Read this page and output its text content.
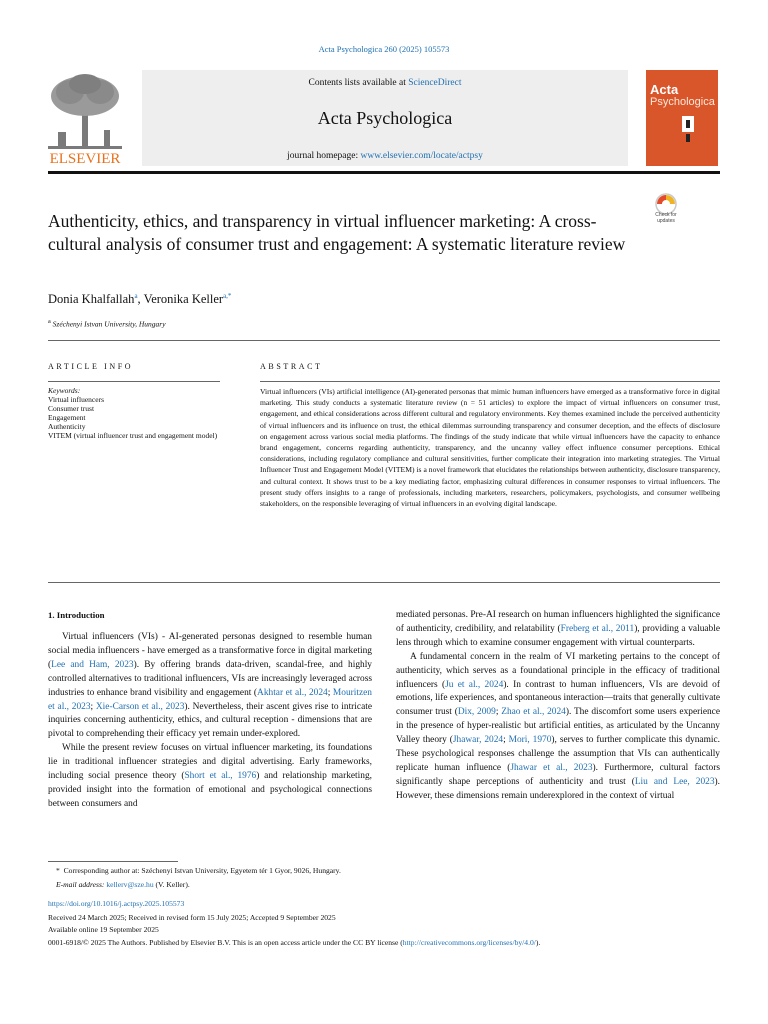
Acta Psychologica 260 (2025) 105573
ELSEVIER
Contents lists available at ScienceDirect
Acta Psychologica
journal homepage: www.elsevier.com/locate/actpsy
Acta
Psychologica
Check for updates
Authenticity, ethics, and transparency in virtual influencer marketing: A cross-cultural analysis of consumer trust and engagement: A systematic literature review
Donia Khalfallah$^a$, Veronika Keller$^{a,*}$
$^a$ Széchenyi Istvan University, Hungary
ARTICLE INFO	ABSTRACT
Keywords:
Virtual influencers
Consumer trust
Engagement
Authenticity
VITEM (virtual influencer trust and engagement model)
Virtual influencers (VIs) artificial intelligence (AI)-generated personas that mimic human influencers have emerged as a transformative force in digital marketing. This study conducts a systematic literature review (n = 51 articles) to explore the impact of virtual influencers on consumer trust, engagement, and ethical considerations across different cultural and regulatory environments. Key themes examined include the perceived authenticity of virtual influencers and its influence on trust, the ethical dilemmas surrounding transparency and consumer deception, and the effects of disclosure on engagement across various social media platforms. The findings of the study indicate that while virtual influencers have the capacity to enhance brand engagement, concerns regarding authenticity, transparency, and the uncanny valley effect influence consumer perceptions. Ethical considerations, including regulatory compliance and cultural sensitivities, further complicate their integration into marketing strategies. The Virtual Influencer Trust and Engagement Model (VITEM) is a novel framework that elucidates the relationships between authenticity, disclosure transparency, and cultural context. It shows trust to be a key mediating factor, emphasizing cultural differences in consumer responses to virtual influencers. The present study offers insights to a range of professionals, including marketers, researchers, policymakers, psychologists, and consumer wellbeing stakeholders, on the responsible leveraging of virtual influencers in an evolving digital landscape.
1. Introduction

Virtual influencers (VIs) - AI-generated personas designed to resemble human social media influencers - have emerged as a transformative force in digital marketing (Lee and Ham, 2023). By offering brands data-driven, scandal-free, and highly controlled alternatives to traditional influencers, VIs are increasingly leveraged across industries to enhance brand visibility and engagement (Akhtar et al., 2024; Mouritzen et al., 2023; Xie-Carson et al., 2023). Nevertheless, their ascent gives rise to intricate inquiries concerning authenticity, ethics, and cultural reception - dimensions that are pivotal to comprehending their efficacy yet remain under-explored.

While the present review focuses on virtual influencer marketing, its foundations lie in traditional influencer strategies and digital advertising. Early frameworks, including social presence theory (Short et al., 1976) and relationship marketing, provided insight into the formation of emotional and psychological connections between consumers and

mediated personas. Pre-AI research on human influencers highlighted the significance of authenticity, credibility, and relatability (Freberg et al., 2011), providing a valuable lens through which to examine consumer engagement with virtual counterparts.

A fundamental concern in the realm of VI marketing pertains to the concept of authenticity, which serves as a foundational principle in the efficacy of traditional influencers (Ju et al., 2024). In contrast to human influencers, VIs are devoid of emotions, life experiences, and spontaneous interaction—traits that generally cultivate consumer trust (Dix, 2009; Zhao et al., 2024). The discomfort some users experience in the presence of hyper-realistic but artificial entities, as articulated by the Uncanny Valley theory (Jhawar, 2024; Mori, 1970), serves to further complicate this dynamic. These psychological responses challenge the assumption that VIs can authentically replicate human influence (Jhawar et al., 2023). Furthermore, cultural factors significantly shape perceptions of authenticity and trust (Liu and Lee, 2023). However, these dimensions remain underexplored in the context of virtual

* Corresponding author at: Széchenyi Istvan University, Egyetem tér 1 Gyor, 9026, Hungary.
E-mail address: kellerv@sze.hu (V. Keller).
https://doi.org/10.1016/j.actpsy.2025.105573
Received 24 March 2025; Received in revised form 15 July 2025; Accepted 9 September 2025
Available online 19 September 2025
0001-6918/© 2025 The Authors. Published by Elsevier B.V. This is an open access article under the CC BY license (http://creativecommons.org/licenses/by/4.0/).
